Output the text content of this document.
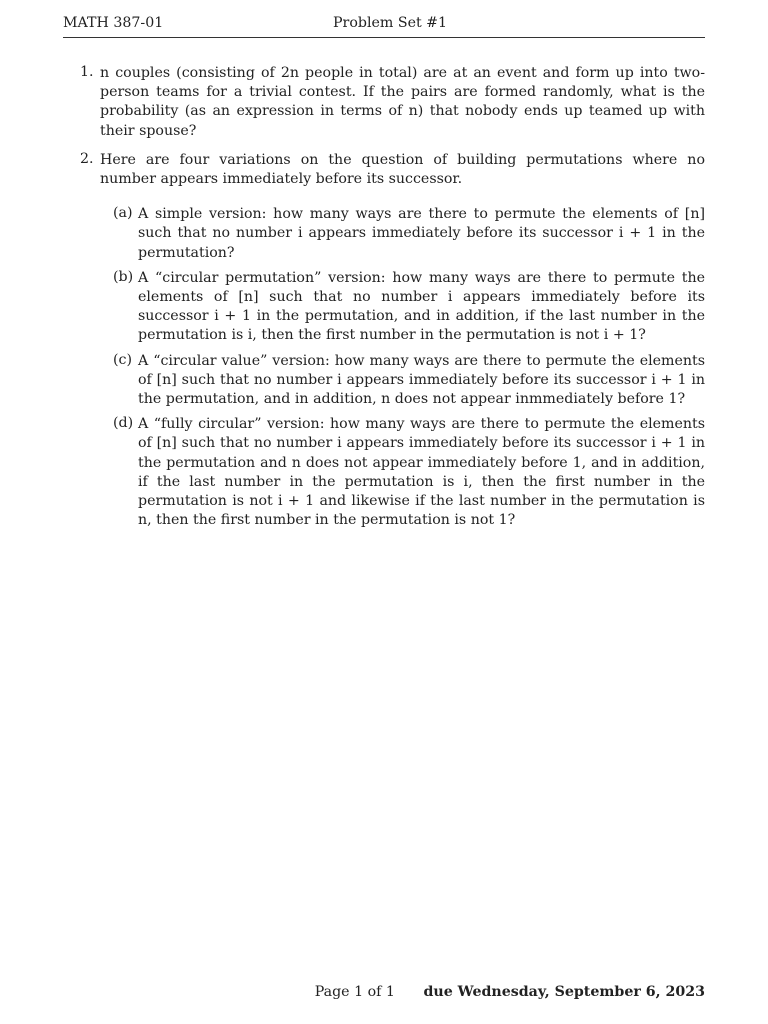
MATH 387-01	Problem Set #1
1. n couples (consisting of 2n people in total) are at an event and form up into two-person teams for a trivial contest. If the pairs are formed randomly, what is the probability (as an expression in terms of n) that nobody ends up teamed up with their spouse?
2. Here are four variations on the question of building permutations where no number appears immediately before its successor.
(a) A simple version: how many ways are there to permute the elements of [n] such that no number i appears immediately before its successor i + 1 in the permutation?
(b) A “circular permutation” version: how many ways are there to permute the elements of [n] such that no number i appears immediately before its successor i + 1 in the permutation, and in addition, if the last number in the permutation is i, then the first number in the permutation is not i + 1?
(c) A “circular value” version: how many ways are there to permute the elements of [n] such that no number i appears immediately before its successor i + 1 in the permutation, and in addition, n does not appear inmmediately before 1?
(d) A “fully circular” version: how many ways are there to permute the elements of [n] such that no number i appears immediately before its successor i + 1 in the permutation and n does not appear immediately before 1, and in addition, if the last number in the permutation is i, then the first number in the permutation is not i + 1 and likewise if the last number in the permutation is n, then the first number in the permutation is not 1?
Page 1 of 1 due Wednesday, September 6, 2023
